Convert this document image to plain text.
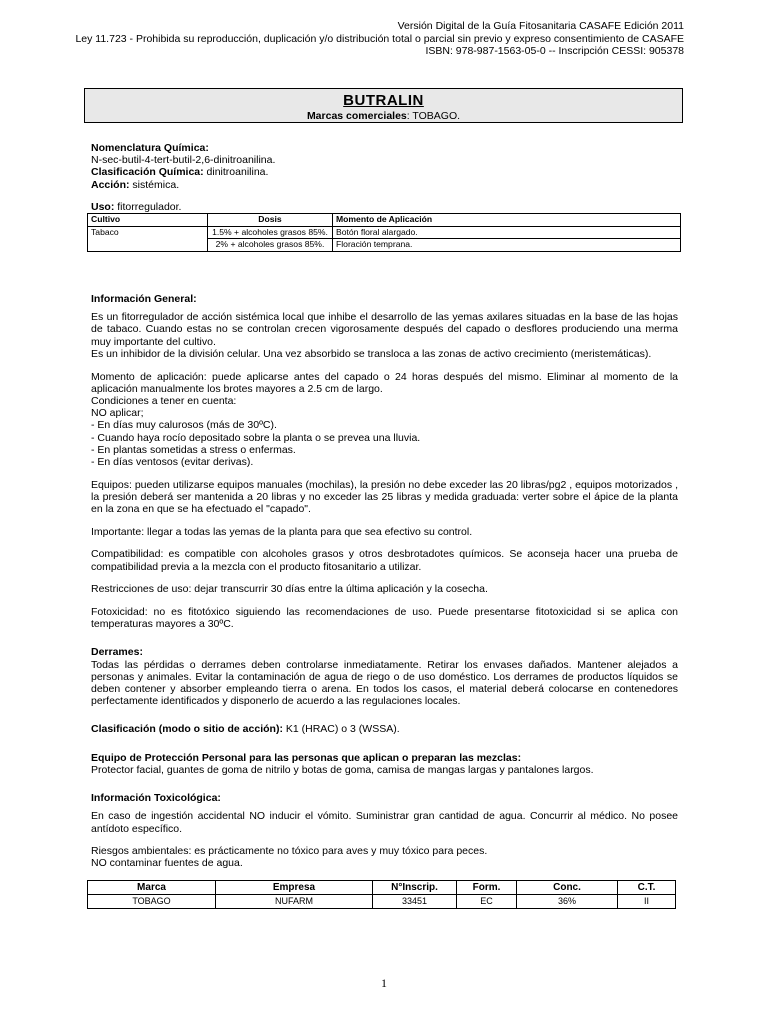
Versión Digital de la Guía Fitosanitaria CASAFE Edición 2011
Ley 11.723 - Prohibida su reproducción, duplicación y/o distribución total o parcial sin previo y expreso consentimiento de CASAFE
ISBN: 978-987-1563-05-0 -- Inscripción CESSI: 905378
BUTRALIN
Marcas comerciales: TOBAGO.

Nomenclatura Química:

N-sec-butil-4-tert-butil-2,6-dinitroanilina.

Clasificación Química: dinitroanilina.

Acción: sistémica.

Uso: fitorregulador.

Cultivo	Dosis	Momento de Aplicación
Tabaco	1.5% + alcoholes grasos 85%.	Botón floral alargado.
	2% + alcoholes grasos 85%.	Floración temprana.

Información General:

Es un fitorregulador de acción sistémica local que inhibe el desarrollo de las yemas axilares situadas en la base de las hojas de tabaco. Cuando estas no se controlan crecen vigorosamente después del capado o desflores produciendo una merma muy importante del cultivo.

Es un inhibidor de la división celular. Una vez absorbido se transloca a las zonas de activo crecimiento (meristemáticas).

Momento de aplicación: puede aplicarse antes del capado o 24 horas después del mismo. Eliminar al momento de la aplicación manualmente los brotes mayores a 2.5 cm de largo.

Condiciones a tener en cuenta:

NO aplicar;

- En días muy calurosos (más de 30ºC).

- Cuando haya rocío depositado sobre la planta o se prevea una lluvia.

- En plantas sometidas a stress o enfermas.

- En días ventosos (evitar derivas).

Equipos: pueden utilizarse equipos manuales (mochilas), la presión no debe exceder las 20 libras/pg2 , equipos motorizados , la presión deberá ser mantenida a 20 libras y no exceder las 25 libras y medida graduada: verter sobre el ápice de la planta en la zona en que se ha efectuado el "capado".

Importante: llegar a todas las yemas de la planta para que sea efectivo su control.

Compatibilidad: es compatible con alcoholes grasos y otros desbrotadotes químicos. Se aconseja hacer una prueba de compatibilidad previa a la mezcla con el producto fitosanitario a utilizar.

Restricciones de uso: dejar transcurrir 30 días entre la última aplicación y la cosecha.

Fotoxicidad: no es fitotóxico siguiendo las recomendaciones de uso. Puede presentarse fitotoxicidad si se aplica con temperaturas mayores a 30ºC.

Derrames:

Todas las pérdidas o derrames deben controlarse inmediatamente. Retirar los envases dañados. Mantener alejados a personas y animales. Evitar la contaminación de agua de riego o de uso doméstico. Los derrames de productos líquidos se deben contener y absorber empleando tierra o arena. En todos los casos, el material deberá colocarse en contenedores perfectamente identificados y disponerlo de acuerdo a las regulaciones locales.

Clasificación (modo o sitio de acción): K1 (HRAC) o 3 (WSSA).

Equipo de Protección Personal para las personas que aplican o preparan las mezclas:

Protector facial, guantes de goma de nitrilo y botas de goma, camisa de mangas largas y pantalones largos.

Información Toxicológica:

En caso de ingestión accidental NO inducir el vómito. Suministrar gran cantidad de agua. Concurrir al médico. No posee antídoto específico.

Riesgos ambientales: es prácticamente no tóxico para aves y muy tóxico para peces.

NO contaminar fuentes de agua.

Marca	Empresa	N°Inscrip.	Form.	Conc.	C.T.
TOBAGO	NUFARM	33451	EC	36%	II
1
